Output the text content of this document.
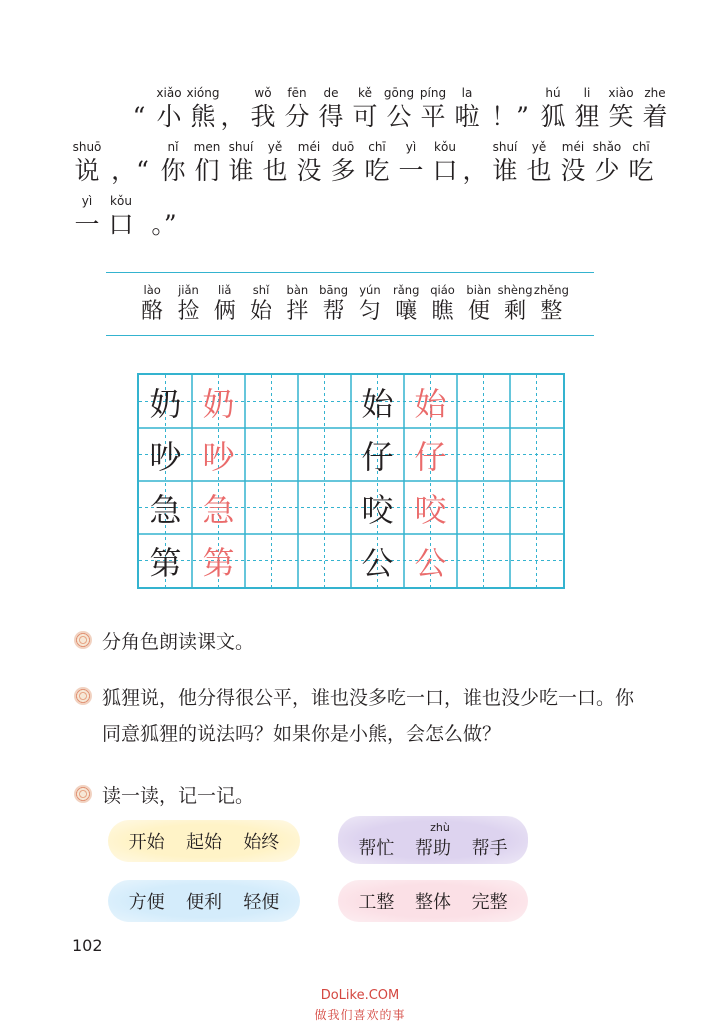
“
xiǎo
小
xióng
熊 ，
wǒ
我
fēn
分
de
得
kě
可
gōng
公
píng
平
la
啦 ！”
hú
狐
li
狸
xiào
笑
zhe
着
shuō
说 ，“
nǐ
你
men
们
shuí
谁
yě
也
méi
没
duō
多
chī
吃
yì
一
kǒu
口 ，
shuí
谁
yě
也
méi
没
shǎo
少
chī
吃
yì
一
kǒu
口 。”
lào
酪
jiǎn
捡
liǎ
俩
shǐ
始
bàn
拌
bāng
帮
yún
匀
rǎng
嚷
qiáo
瞧
biàn
便
shèng
剩
zhěng
整
奶 奶
吵 吵
急 急
第 第
始 始
仔 仔
咬 咬
公 公
分角色朗读课文。
狐狸说，他分得很公平，谁也没多吃一口，谁也没少吃一口。你同意狐狸的说法吗？如果你是小熊，会怎么做？
读一读，记一记。
开始 起始 始终	帮忙
zhù
帮助 帮手
方便 便利 轻便	工整 整体 完整
102
DoLike.COM
做我们喜欢的事
